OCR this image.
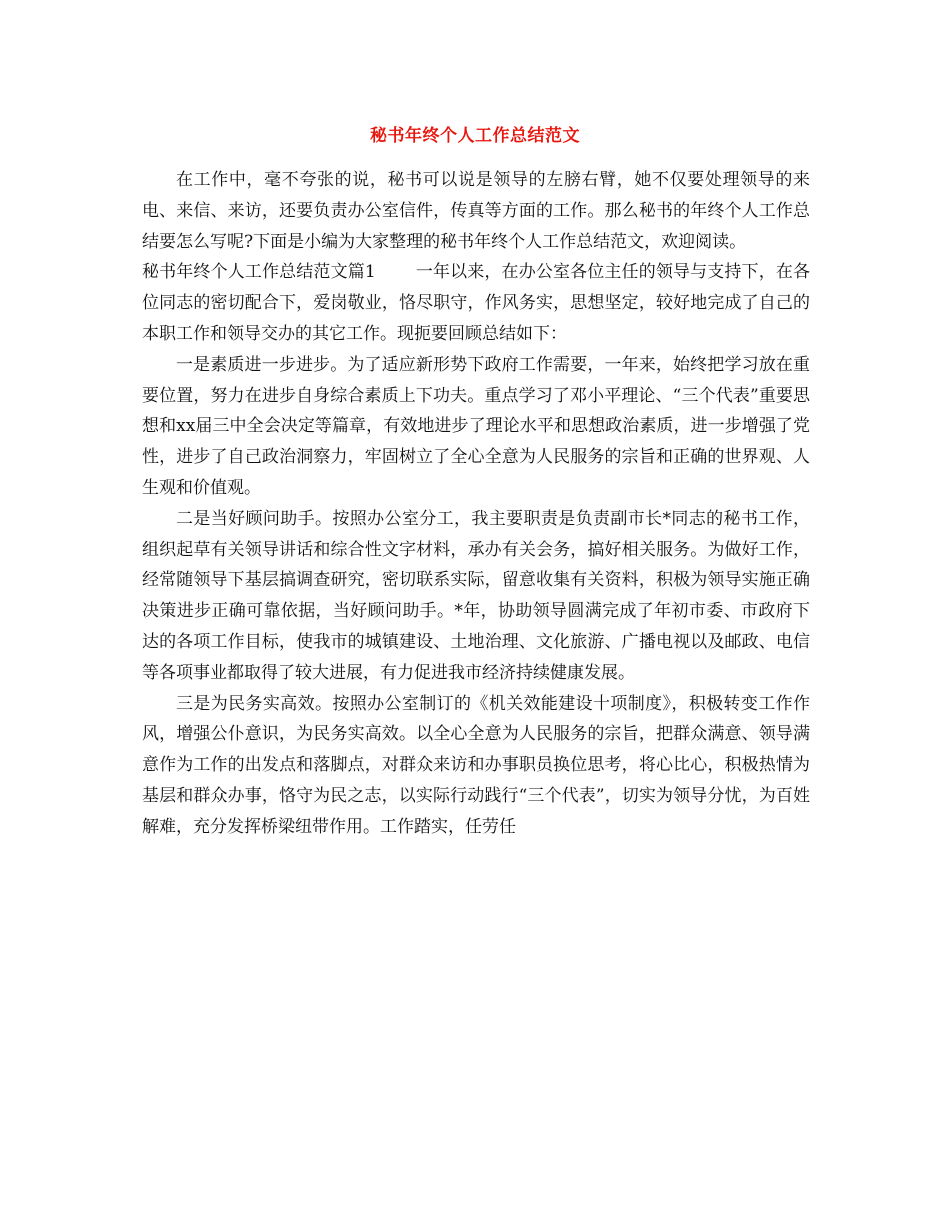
秘书年终个人工作总结范文

在工作中，毫不夸张的说，秘书可以说是领导的左膀右臂，她不仅要处理领导的来电、来信、来访，还要负责办公室信件，传真等方面的工作。那么秘书的年终个人工作总结要怎么写呢?下面是小编为大家整理的秘书年终个人工作总结范文，欢迎阅读。

秘书年终个人工作总结范文篇1 一年以来，在办公室各位主任的领导与支持下，在各位同志的密切配合下，爱岗敬业，恪尽职守，作风务实，思想坚定，较好地完成了自己的本职工作和领导交办的其它工作。现扼要回顾总结如下：

一是素质进一步进步。为了适应新形势下政府工作需要，一年来，始终把学习放在重要位置，努力在进步自身综合素质上下功夫。重点学习了邓小平理论、“三个代表”重要思想和xx届三中全会决定等篇章，有效地进步了理论水平和思想政治素质，进一步增强了党性，进步了自己政治洞察力，牢固树立了全心全意为人民服务的宗旨和正确的世界观、人生观和价值观。

二是当好顾问助手。按照办公室分工，我主要职责是负责副市长*同志的秘书工作，组织起草有关领导讲话和综合性文字材料，承办有关会务，搞好相关服务。为做好工作，经常随领导下基层搞调查研究，密切联系实际，留意收集有关资料，积极为领导实施正确决策进步正确可靠依据，当好顾问助手。*年，协助领导圆满完成了年初市委、市政府下达的各项工作目标，使我市的城镇建设、土地治理、文化旅游、广播电视以及邮政、电信等各项事业都取得了较大进展，有力促进我市经济持续健康发展。

三是为民务实高效。按照办公室制订的《机关效能建设十项制度》，积极转变工作作风，增强公仆意识，为民务实高效。以全心全意为人民服务的宗旨，把群众满意、领导满意作为工作的出发点和落脚点，对群众来访和办事职员换位思考，将心比心，积极热情为基层和群众办事，恪守为民之志，以实际行动践行“三个代表”，切实为领导分忧，为百姓解难，充分发挥桥梁纽带作用。工作踏实，任劳任
